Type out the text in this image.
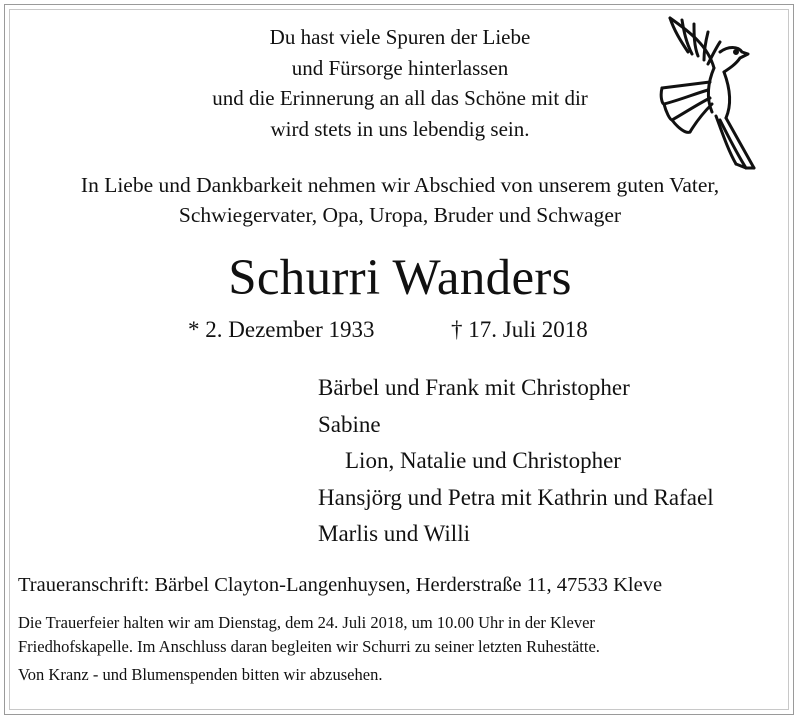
Du hast viele Spuren der Liebe
und Fürsorge hinterlassen
und die Erinnerung an all das Schöne mit dir
wird stets in uns lebendig sein.
In Liebe und Dankbarkeit nehmen wir Abschied von unserem guten Vater,
Schwiegervater, Opa, Uropa, Bruder und Schwager
Schurri Wanders
* 2. Dezember 1933	† 17. Juli 2018
Bärbel und Frank mit Christopher
Sabine
Lion, Natalie und Christopher
Hansjörg und Petra mit Kathrin und Rafael
Marlis und Willi
Traueranschrift: Bärbel Clayton-Langenhuysen, Herderstraße 11, 47533 Kleve
Die Trauerfeier halten wir am Dienstag, dem 24. Juli 2018, um 10.00 Uhr in der Klever
Friedhofskapelle. Im Anschluss daran begleiten wir Schurri zu seiner letzten Ruhestätte.
Von Kranz - und Blumenspenden bitten wir abzusehen.
